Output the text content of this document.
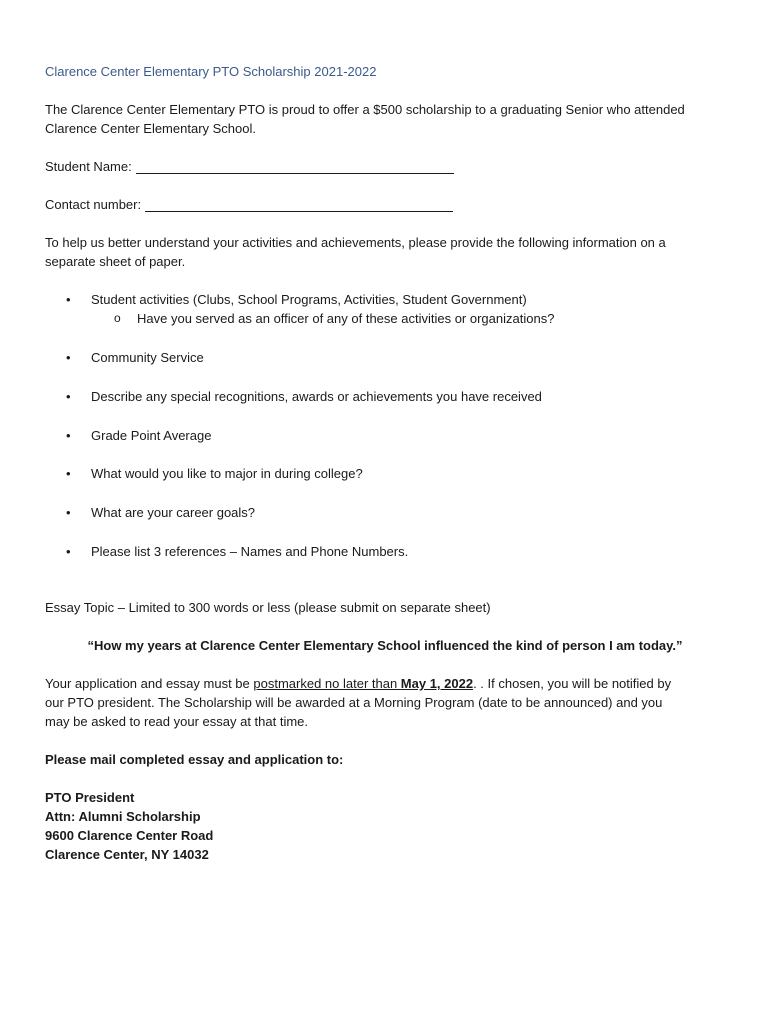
Clarence Center Elementary PTO Scholarship 2021-2022
The Clarence Center Elementary PTO is proud to offer a $500 scholarship to a graduating Senior who attended
Clarence Center Elementary School.
Student Name:
Contact number:
To help us better understand your activities and achievements, please provide the following information on a
separate sheet of paper.
•	Student activities (Clubs, School Programs, Activities, Student Government)
o Have you served as an officer of any of these activities or organizations?
•	Community Service
•	Describe any special recognitions, awards or achievements you have received
•	Grade Point Average
•	What would you like to major in during college?
•	What are your career goals?
•	Please list 3 references – Names and Phone Numbers.
Essay Topic – Limited to 300 words or less (please submit on separate sheet)
“How my years at Clarence Center Elementary School influenced the kind of person I am today.”
Your application and essay must be postmarked no later than May 1, 2022. . If chosen, you will be notified by
our PTO president. The Scholarship will be awarded at a Morning Program (date to be announced) and you
may be asked to read your essay at that time.
Please mail completed essay and application to:
PTO President
Attn: Alumni Scholarship
9600 Clarence Center Road
Clarence Center, NY 14032
